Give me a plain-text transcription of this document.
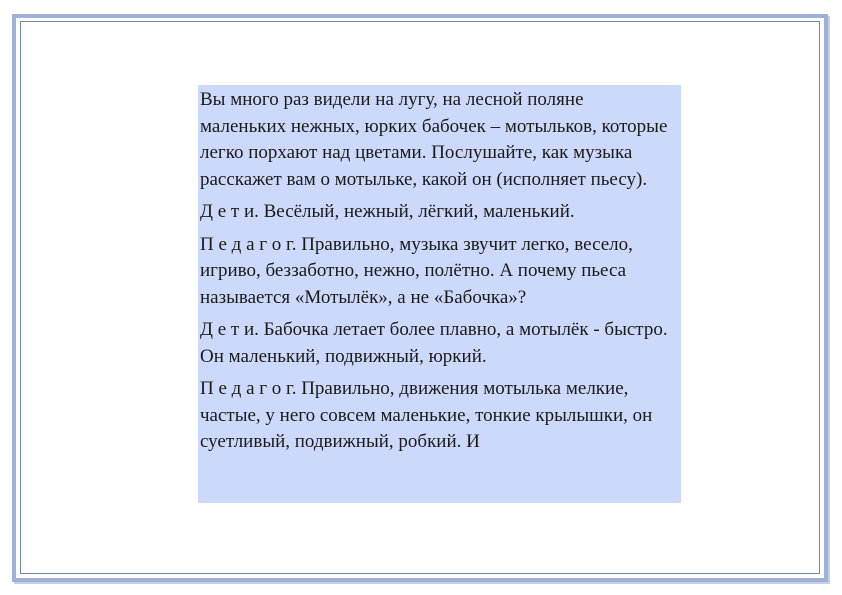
Вы много раз видели на лугу, на лесной поляне маленьких нежных, юрких бабочек – мотыльков, которые легко порхают над цветами. Послушайте, как музыка расскажет вам о мотыльке, какой он (исполняет пьесу).

Д е т и. Весёлый, нежный, лёгкий, маленький.

П е д а г о г. Правильно, музыка звучит легко, весело, игриво, беззаботно, нежно, полётно. А почему пьеса называется «Мотылёк», а не «Бабочка»?

Д е т и. Бабочка летает более плавно, а мотылёк - быстро. Он маленький, подвижный, юркий.

П е д а г о г. Правильно, движения мотылька мелкие, частые, у него совсем маленькие, тонкие крылышки, он суетливый, подвижный, робкий. И
